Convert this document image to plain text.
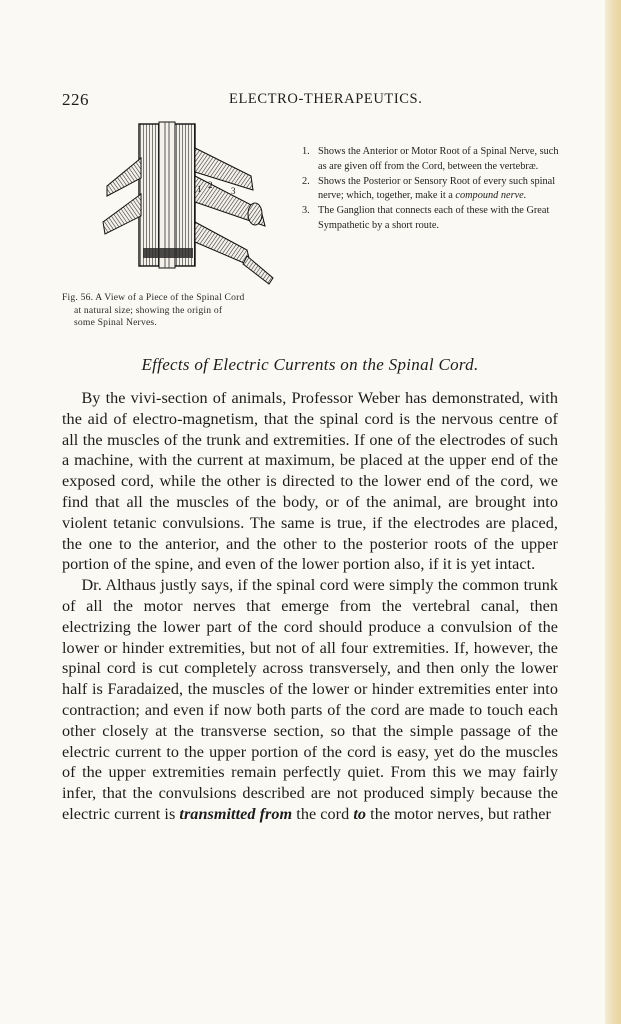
226	ELECTRO-THERAPEUTICS.
1 2
3
Fig. 56. A View of a Piece of the Spinal Cord
at natural size; showing the origin of
some Spinal Nerves.
1. Shows the Anterior or Motor Root of a Spinal Nerve, such as are given off from the Cord, between the vertebræ.
2. Shows the Posterior or Sensory Root of every such spinal nerve; which, together, make it a compound nerve.
3. The Ganglion that connects each of these with the Great Sympathetic by a short route.
Effects of Electric Currents on the Spinal Cord.

By the vivi-section of animals, Professor Weber has demonstrated, with the aid of electro-magnetism, that the spinal cord is the nervous centre of all the muscles of the trunk and extremities. If one of the electrodes of such a machine, with the current at maximum, be placed at the upper end of the exposed cord, while the other is directed to the lower end of the cord, we find that all the muscles of the body, or of the animal, are brought into violent tetanic convulsions. The same is true, if the electrodes are placed, the one to the anterior, and the other to the posterior roots of the upper portion of the spine, and even of the lower portion also, if it is yet intact.

Dr. Althaus justly says, if the spinal cord were simply the common trunk of all the motor nerves that emerge from the vertebral canal, then electrizing the lower part of the cord should produce a convulsion of the lower or hinder extremities, but not of all four extremities. If, however, the spinal cord is cut completely across transversely, and then only the lower half is Faradaized, the muscles of the lower or hinder extremities enter into contraction; and even if now both parts of the cord are made to touch each other closely at the transverse section, so that the simple passage of the electric current to the upper portion of the cord is easy, yet do the muscles of the upper extremities remain perfectly quiet. From this we may fairly infer, that the convulsions described are not produced simply because the electric current is transmitted from the cord to the motor nerves, but rather
